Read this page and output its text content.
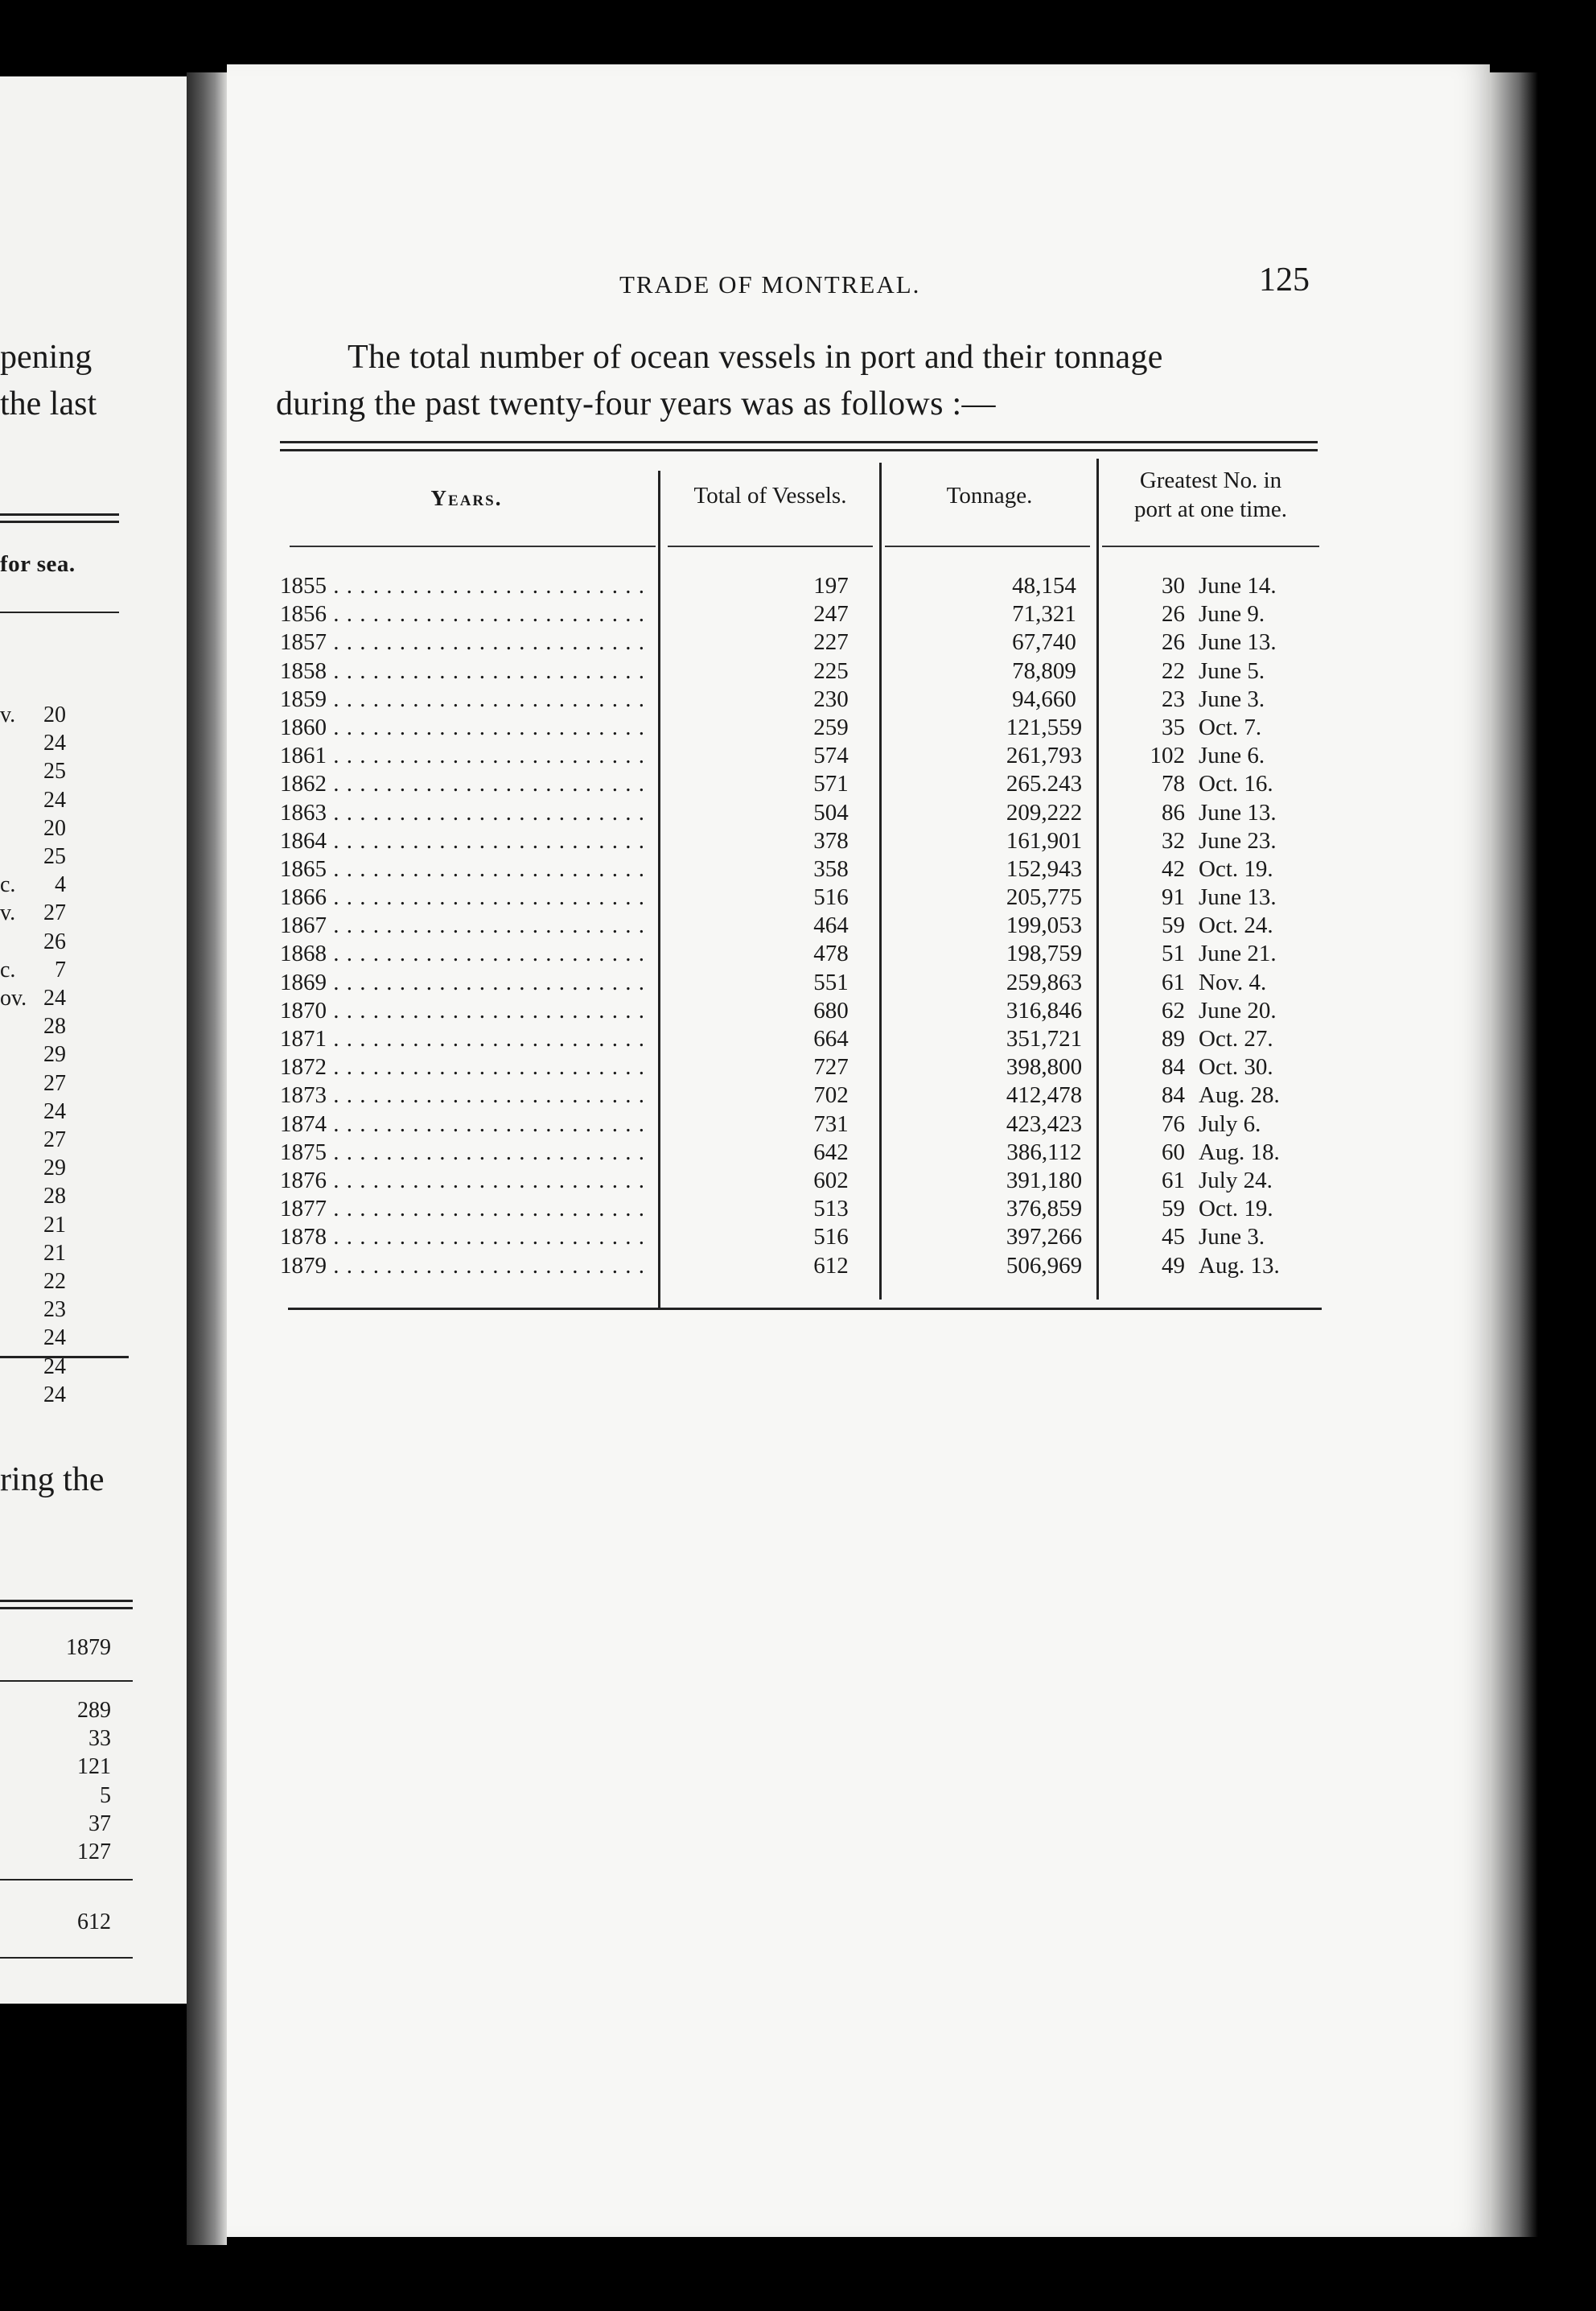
pening
the last
for sea.
v.	20
24
25
24
20
25
c.	4
v.	27
26
c.	7
ov. 24
28
29
27
24
27
29
28
21
21
22
23
24
24
24
ring the
1879
289
33
121
5
37
127
612
TRADE OF MONTREAL.	125
The total number of ocean vessels in port and their tonnage
during the past twenty-four years was as follows :—
Years.	Total of Vessels.	Tonnage.
Greatest No. in
port at one time.
1855 . . .	197	48,154	30 June 14.
1856 . . .	247	71,321	26 June 9.
1857 . . .	227	67,740	26 June 13.
1858 . . .	225	78,809	22 June 5.
1859 . . .	230	94,660	23 June 3.
1860 . . .	259	121,559	35 Oct. 7.
1861 . . .	574	261,793	102 June 6.
1862 . . .	571	265.243	78 Oct. 16.
1863 . . .	504	209,222	86 June 13.
1864 . . .	378	161,901	32 June 23.
1865 . . .	358	152,943	42 Oct. 19.
1866 . . .	516	205,775	91 June 13.
1867 . . .	464	199,053	59 Oct. 24.
1868 . . .	478	198,759	51 June 21.
1869 . . .	551	259,863	61 Nov. 4.
1870 . . .	680	316,846	62 June 20.
1871 . . .	664	351,721	89 Oct. 27.
1872 . . .	727	398,800	84 Oct. 30.
1873 . . .	702	412,478	84 Aug. 28.
1874 . . .	731	423,423	76 July 6.
1875 . . .	642	386,112	60 Aug. 18.
1876 . . .	602	391,180	61 July 24.
1877 . . .	513	376,859	59 Oct. 19.
1878 . . .	516	397,266	45 June 3.
1879 . . .	612	506,969	49 Aug. 13.
